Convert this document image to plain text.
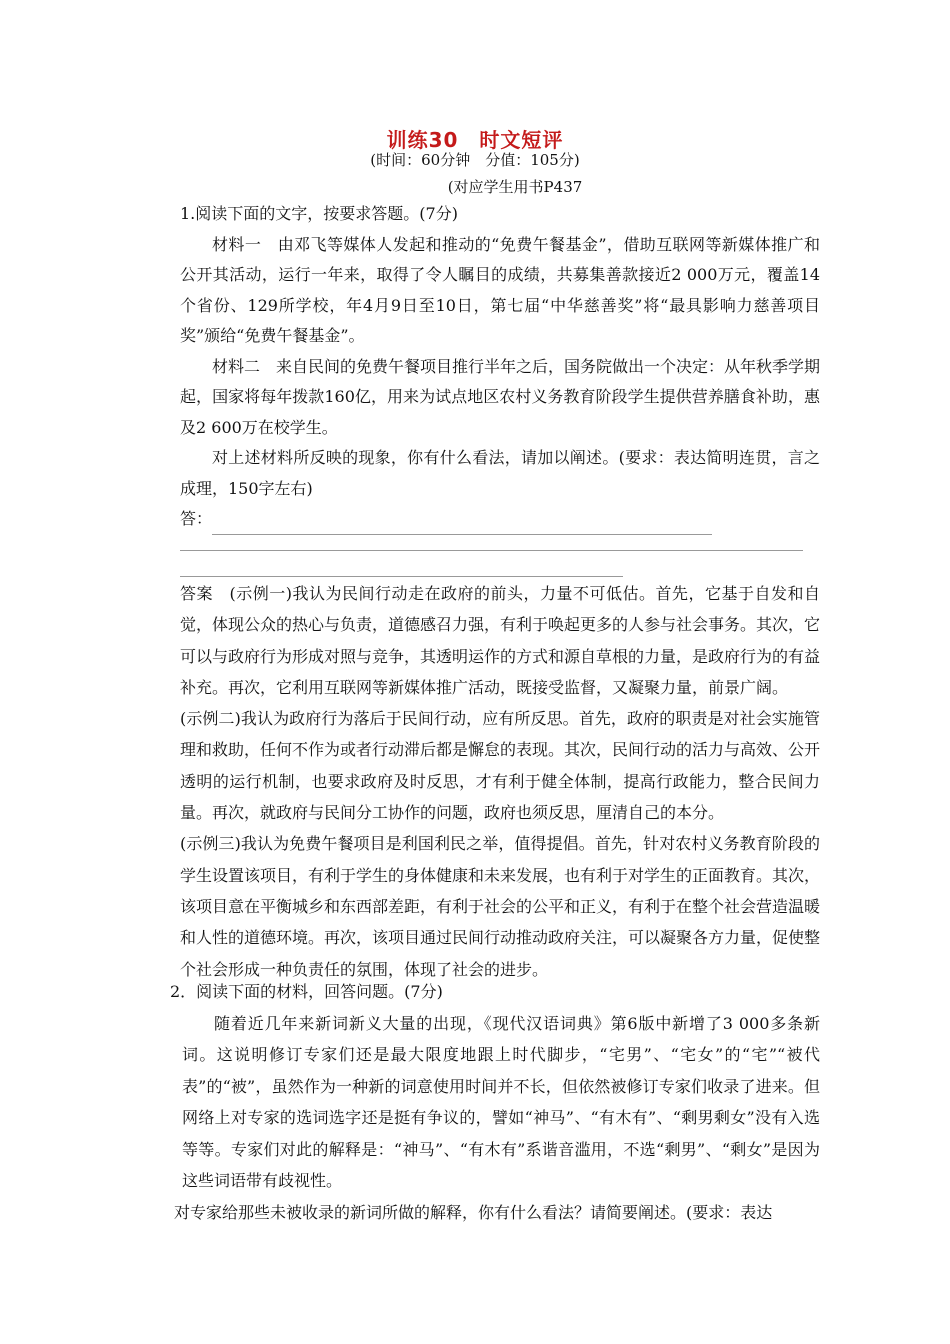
训练30　时文短评
(时间：60分钟　分值：105分)
(对应学生用书P437

1.阅读下面的文字，按要求答题。(7分)

材料一　由邓飞等媒体人发起和推动的“免费午餐基金”，借助互联网等新媒体推广和公开其活动，运行一年来，取得了令人瞩目的成绩，共募集善款接近2 000万元，覆盖14个省份、129所学校，年4月9日至10日，第七届“中华慈善奖”将“最具影响力慈善项目奖”颁给“免费午餐基金”。

材料二　来自民间的免费午餐项目推行半年之后，国务院做出一个决定：从年秋季学期起，国家将每年拨款160亿，用来为试点地区农村义务教育阶段学生提供营养膳食补助，惠及2 600万在校学生。

对上述材料所反映的现象，你有什么看法，请加以阐述。(要求：表达简明连贯，言之成理，150字左右)

答：

答案　(示例一)我认为民间行动走在政府的前头，力量不可低估。首先，它基于自发和自觉，体现公众的热心与负责，道德感召力强，有利于唤起更多的人参与社会事务。其次，它可以与政府行为形成对照与竞争，其透明运作的方式和源自草根的力量，是政府行为的有益补充。再次，它利用互联网等新媒体推广活动，既接受监督，又凝聚力量，前景广阔。

(示例二)我认为政府行为落后于民间行动，应有所反思。首先，政府的职责是对社会实施管理和救助，任何不作为或者行动滞后都是懈怠的表现。其次，民间行动的活力与高效、公开透明的运行机制，也要求政府及时反思，才有利于健全体制，提高行政能力，整合民间力量。再次，就政府与民间分工协作的问题，政府也须反思，厘清自己的本分。

(示例三)我认为免费午餐项目是利国利民之举，值得提倡。首先，针对农村义务教育阶段的学生设置该项目，有利于学生的身体健康和未来发展，也有利于对学生的正面教育。其次，该项目意在平衡城乡和东西部差距，有利于社会的公平和正义，有利于在整个社会营造温暖和人性的道德环境。再次，该项目通过民间行动推动政府关注，可以凝聚各方力量，促使整个社会形成一种负责任的氛围，体现了社会的进步。

2．阅读下面的材料，回答问题。(7分)

随着近几年来新词新义大量的出现，《现代汉语词典》第6版中新增了3 000多条新词。这说明修订专家们还是最大限度地跟上时代脚步，“宅男”、“宅女”的“宅”“被代表”的“被”，虽然作为一种新的词意使用时间并不长，但依然被修订专家们收录了进来。但网络上对专家的选词选字还是挺有争议的，譬如“神马”、“有木有”、“剩男剩女”没有入选等等。专家们对此的解释是：“神马”、“有木有”系谐音滥用，不选“剩男”、“剩女”是因为这些词语带有歧视性。

对专家给那些未被收录的新词所做的解释，你有什么看法？请简要阐述。(要求：表达
